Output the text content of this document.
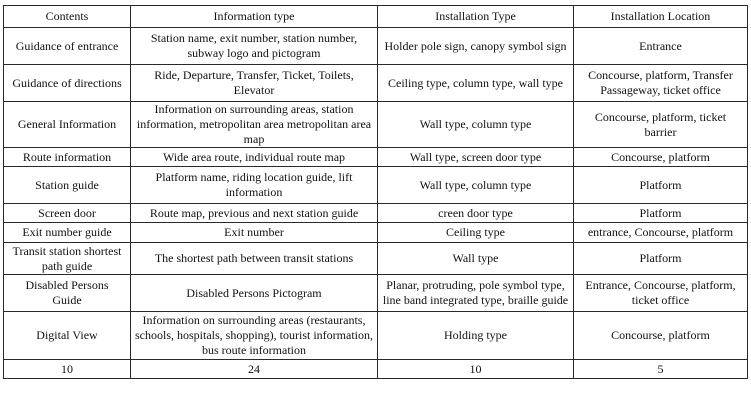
Contents	Information type	Installation Type	Installation Location
Guidance of entrance	Station name, exit number, station number, subway logo and pictogram	Holder pole sign, canopy symbol sign	Entrance
Guidance of directions	Ride, Departure, Transfer, Ticket, Toilets, Elevator	Ceiling type, column type, wall type	Concourse, platform, Transfer Passageway, ticket office
General Information	Information on surrounding areas, station information, metropolitan area metropolitan area map	Wall type, column type	Concourse, platform, ticket barrier
Route information	Wide area route, individual route map	Wall type, screen door type	Concourse, platform
Station guide	Platform name, riding location guide, lift information	Wall type, column type	Platform
Screen door	Route map, previous and next station guide	creen door type	Platform
Exit number guide	Exit number	Ceiling type	entrance, Concourse, platform
Transit station shortest path guide	The shortest path between transit stations	Wall type	Platform
Disabled Persons Guide	Disabled Persons Pictogram	Planar, protruding, pole symbol type, line band integrated type, braille guide	Entrance, Concourse, platform, ticket office
Digital View	Information on surrounding areas (restaurants, schools, hospitals, shopping), tourist information, bus route information	Holding type	Concourse, platform
10	24	10	5
